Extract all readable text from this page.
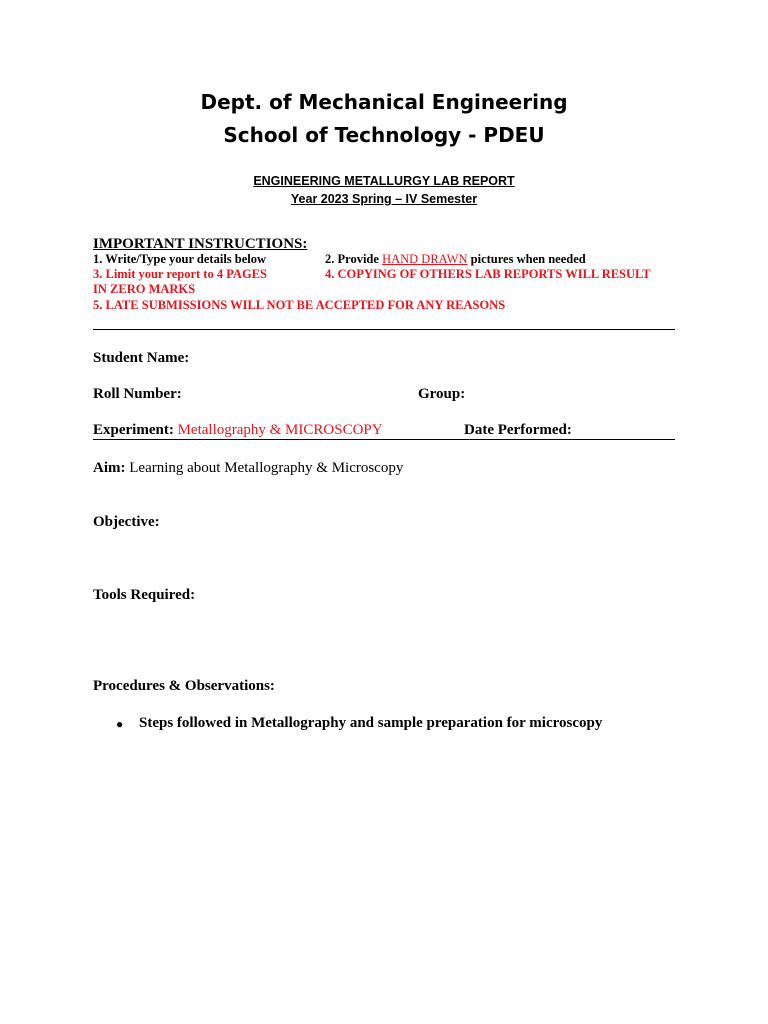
Dept. of Mechanical Engineering
School of Technology - PDEU
ENGINEERING METALLURGY LAB REPORT
Year 2023 Spring – IV Semester
IMPORTANT INSTRUCTIONS:
1. Write/Type your details below	2. Provide HAND DRAWN pictures when needed
3. Limit your report to 4 PAGES	4. COPYING OF OTHERS LAB REPORTS WILL RESULT
IN ZERO MARKS
5. LATE SUBMISSIONS WILL NOT BE ACCEPTED FOR ANY REASONS
Student Name:
Roll Number:	Group:
Experiment: Metallography & MICROSCOPY	Date Performed:
Aim: Learning about Metallography & Microscopy
Objective:
Tools Required:
Procedures & Observations:
● Steps followed in Metallography and sample preparation for microscopy
